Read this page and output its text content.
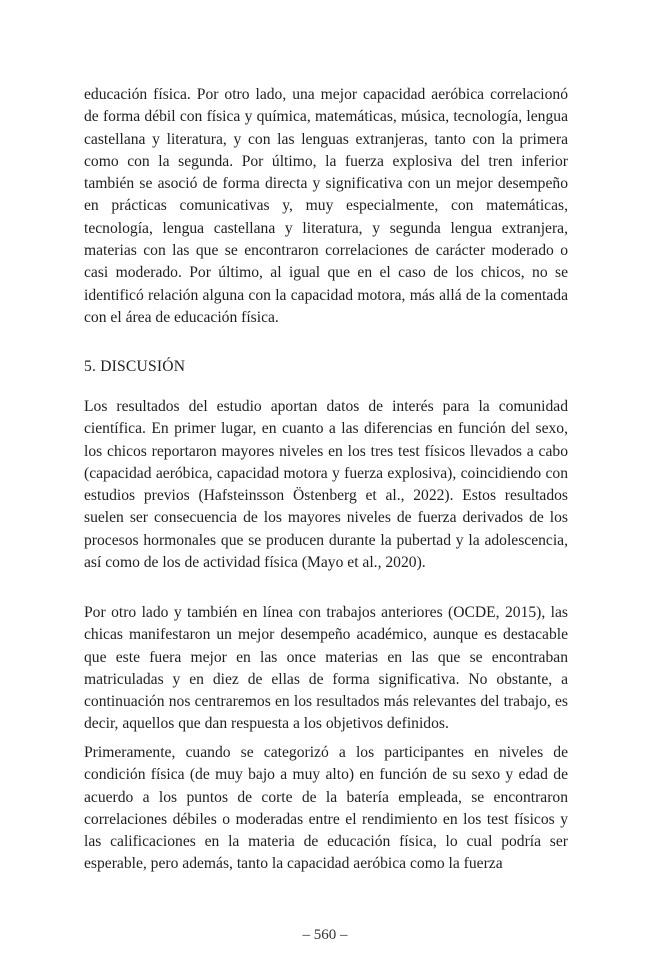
educación física. Por otro lado, una mejor capacidad aeróbica correlacionó de forma débil con física y química, matemáticas, música, tecnología, lengua castellana y literatura, y con las lenguas extranjeras, tanto con la primera como con la segunda. Por último, la fuerza explosiva del tren inferior también se asoció de forma directa y significativa con un mejor desempeño en prácticas comunicativas y, muy especialmente, con matemáticas, tecnología, lengua castellana y literatura, y segunda lengua extranjera, materias con las que se encontraron correlaciones de carácter moderado o casi moderado. Por último, al igual que en el caso de los chicos, no se identificó relación alguna con la capacidad motora, más allá de la comentada con el área de educación física.

5. DISCUSIÓN

Los resultados del estudio aportan datos de interés para la comunidad científica. En primer lugar, en cuanto a las diferencias en función del sexo, los chicos reportaron mayores niveles en los tres test físicos llevados a cabo (capacidad aeróbica, capacidad motora y fuerza explosiva), coincidiendo con estudios previos (Hafsteinsson Östenberg et al., 2022). Estos resultados suelen ser consecuencia de los mayores niveles de fuerza derivados de los procesos hormonales que se producen durante la pubertad y la adolescencia, así como de los de actividad física (Mayo et al., 2020).

Por otro lado y también en línea con trabajos anteriores (OCDE, 2015), las chicas manifestaron un mejor desempeño académico, aunque es destacable que este fuera mejor en las once materias en las que se encontraban matriculadas y en diez de ellas de forma significativa. No obstante, a continuación nos centraremos en los resultados más relevantes del trabajo, es decir, aquellos que dan respuesta a los objetivos definidos.

Primeramente, cuando se categorizó a los participantes en niveles de condición física (de muy bajo a muy alto) en función de su sexo y edad de acuerdo a los puntos de corte de la batería empleada, se encontraron correlaciones débiles o moderadas entre el rendimiento en los test físicos y las calificaciones en la materia de educación física, lo cual podría ser esperable, pero además, tanto la capacidad aeróbica como la fuerza

– 560 –
